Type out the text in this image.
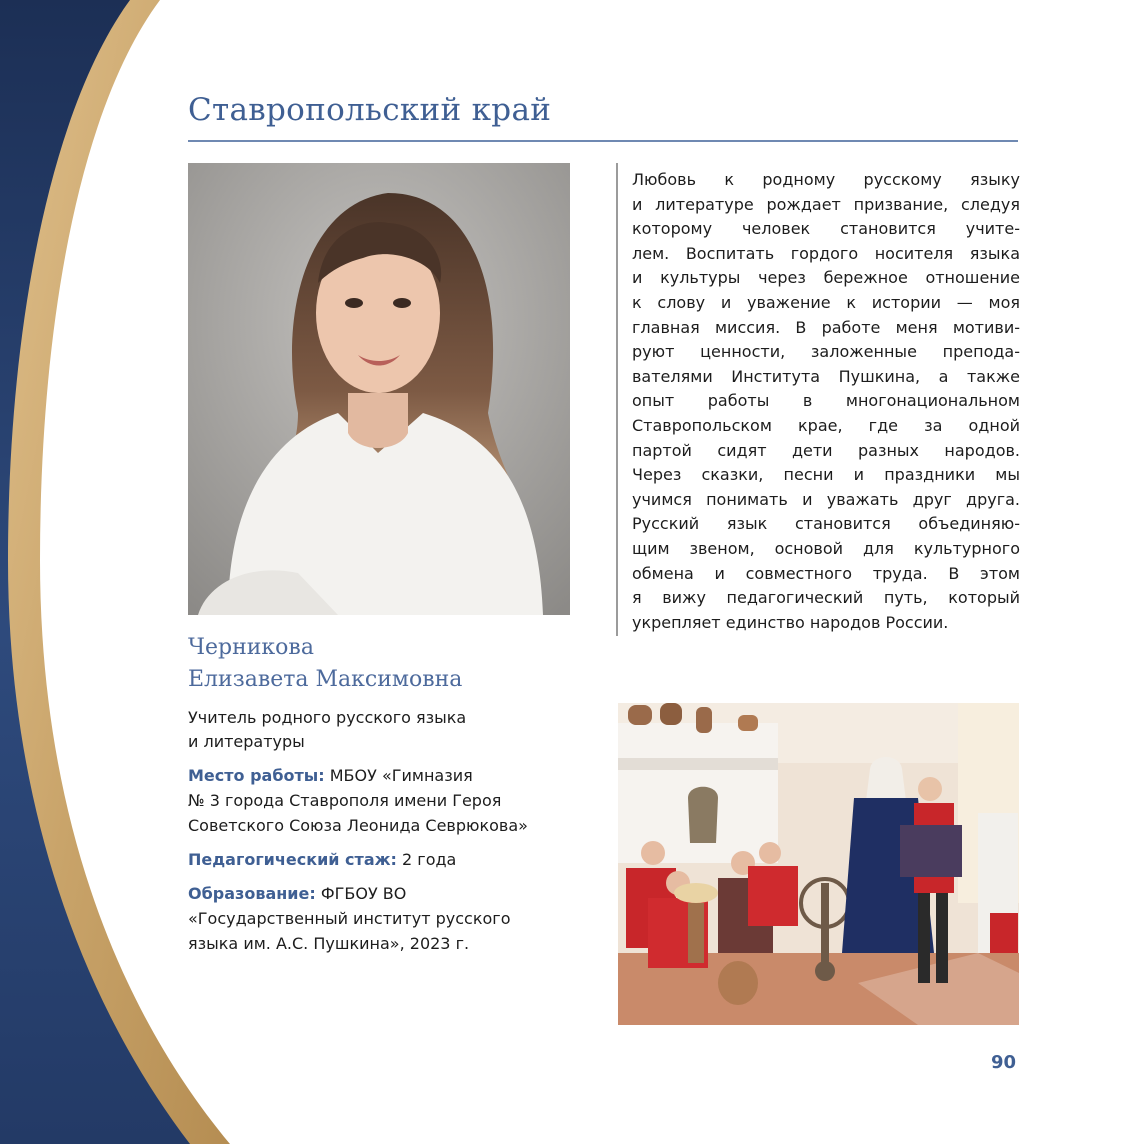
Ставропольский край
Черникова
Елизавета Максимовна
Учитель родного русского языка
и литературы
Место работы: МБОУ «Гимназия
№ 3 города Ставрополя имени Героя
Советского Союза Леонида Севрюкова»
Педагогический стаж: 2 года
Образование: ФГБОУ ВО
«Государственный институт русского
языка им. А.С. Пушкина», 2023 г.
Любовь к родному русскому языку
и литературе рождает призвание, следуя
которому человек становится учите-
лем. Воспитать гордого носителя языка
и культуры через бережное отношение
к слову и уважение к истории — моя
главная миссия. В работе меня мотиви-
руют ценности, заложенные препода-
вателями Института Пушкина, а также
опыт работы в многонациональном
Ставропольском крае, где за одной
партой сидят дети разных народов.
Через сказки, песни и праздники мы
учимся понимать и уважать друг друга.
Русский язык становится объединяю-
щим звеном, основой для культурного
обмена и совместного труда. В этом
я вижу педагогический путь, который
укрепляет единство народов России.
90
